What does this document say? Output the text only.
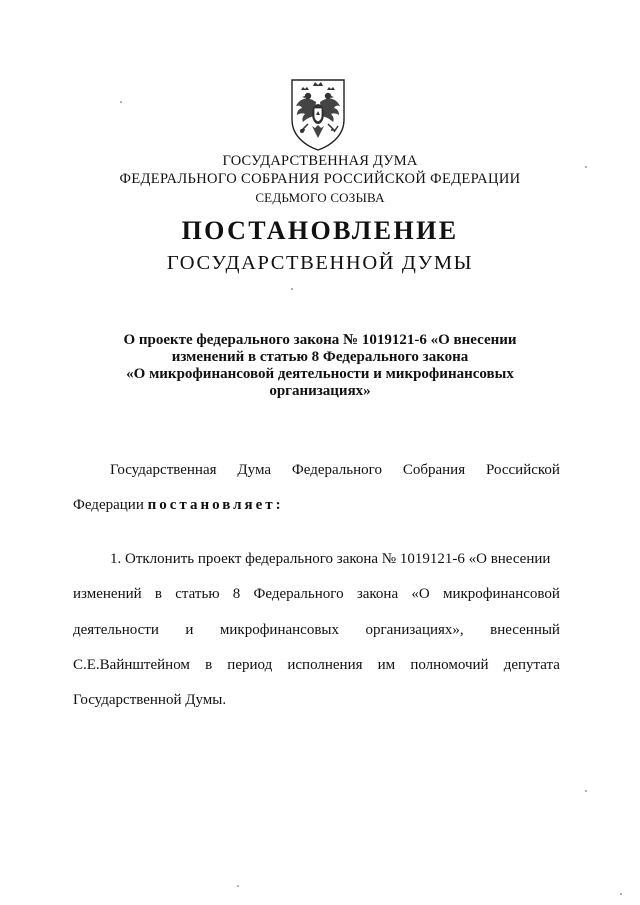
ГОСУДАРСТВЕННАЯ ДУМА
ФЕДЕРАЛЬНОГО СОБРАНИЯ РОССИЙСКОЙ ФЕДЕРАЦИИ
СЕДЬМОГО СОЗЫВА
ПОСТАНОВЛЕНИЕ
ГОСУДАРСТВЕННОЙ ДУМЫ
О проекте федерального закона № 1019121-6 «О внесении
изменений в статью 8 Федерального закона
«О микрофинансовой деятельности и микрофинансовых
организациях»
Государственная Дума Федерального Собрания Российской
Федерации постановляет:
1. Отклонить проект федерального закона № 1019121-6 «О внесении
изменений в статью 8 Федерального закона «О микрофинансовой
деятельности и микрофинансовых организациях», внесенный
С.Е.Вайнштейном в период исполнения им полномочий депутата
Государственной Думы.
